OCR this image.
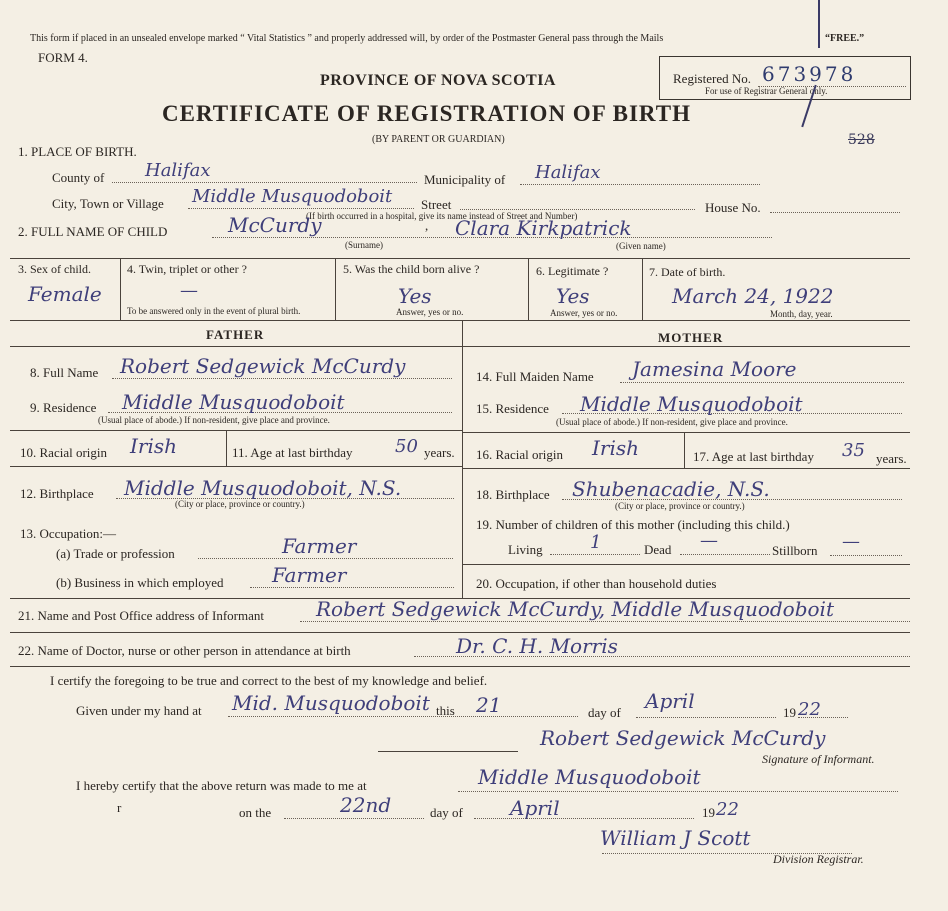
This form if placed in an unsealed envelope marked “ Vital Statistics ” and properly addressed will, by order of the Postmaster General pass through the Mails	“FREE.”
FORM 4.
PROVINCE OF NOVA SCOTIA
CERTIFICATE OF REGISTRATION OF BIRTH
(BY PARENT OR GUARDIAN)
Registered No. 673978
For use of Registrar General only.
528
1. PLACE OF BIRTH.
County of Halifax	Municipality of Halifax
City, Town or Village Middle Musquodoboit Street	House No.
(If birth occurred in a hospital, give its name instead of Street and Number)
2. FULL NAME OF CHILD	McCurdy	, Clara Kirkpatrick
(Surname)	(Given name)
3. Sex of child.
Female
4. Twin, triplet or other ?
—
To be answered only in the event of plural birth.
5. Was the child born alive ?
Yes
Answer, yes or no.
6. Legitimate ?
Yes
Answer, yes or no.
7. Date of birth.
March 24, 1922
Month, day, year.
FATHER	MOTHER
8. Full Name Robert Sedgewick McCurdy
9. Residence Middle Musquodoboit
(Usual place of abode.) If non-resident, give place and province.
10. Racial origin Irish	11. Age at last birthday 50 years.
12. Birthplace Middle Musquodoboit, N.S.
(City or place, province or country.)
13. Occupation:—
(a) Trade or profession	Farmer
(b) Business in which employed Farmer
14. Full Maiden Name Jamesina Moore
15. Residence Middle Musquodoboit
(Usual place of abode.) If non-resident, give place and province.
16. Racial origin Irish	17. Age at last birthday 35 years.
18. Birthplace Shubenacadie, N.S.
(City or place, province or country.)
19. Number of children of this mother (including this child.)
Living	1	Dead —	Stillborn —
20. Occupation, if other than household duties
21. Name and Post Office address of Informant	Robert Sedgewick McCurdy, Middle Musquodoboit
22. Name of Doctor, nurse or other person in attendance at birth	Dr. C. H. Morris
I certify the foregoing to be true and correct to the best of my knowledge and belief.
Given under my hand at Mid. Musquodoboit this 21	day of April	19 22
Robert Sedgewick McCurdy
Signature of Informant.
I hereby certify that the above return was made to me at	Middle Musquodoboit
r	on the	22nd	day of April	19 22
William J Scott
Division Registrar.
